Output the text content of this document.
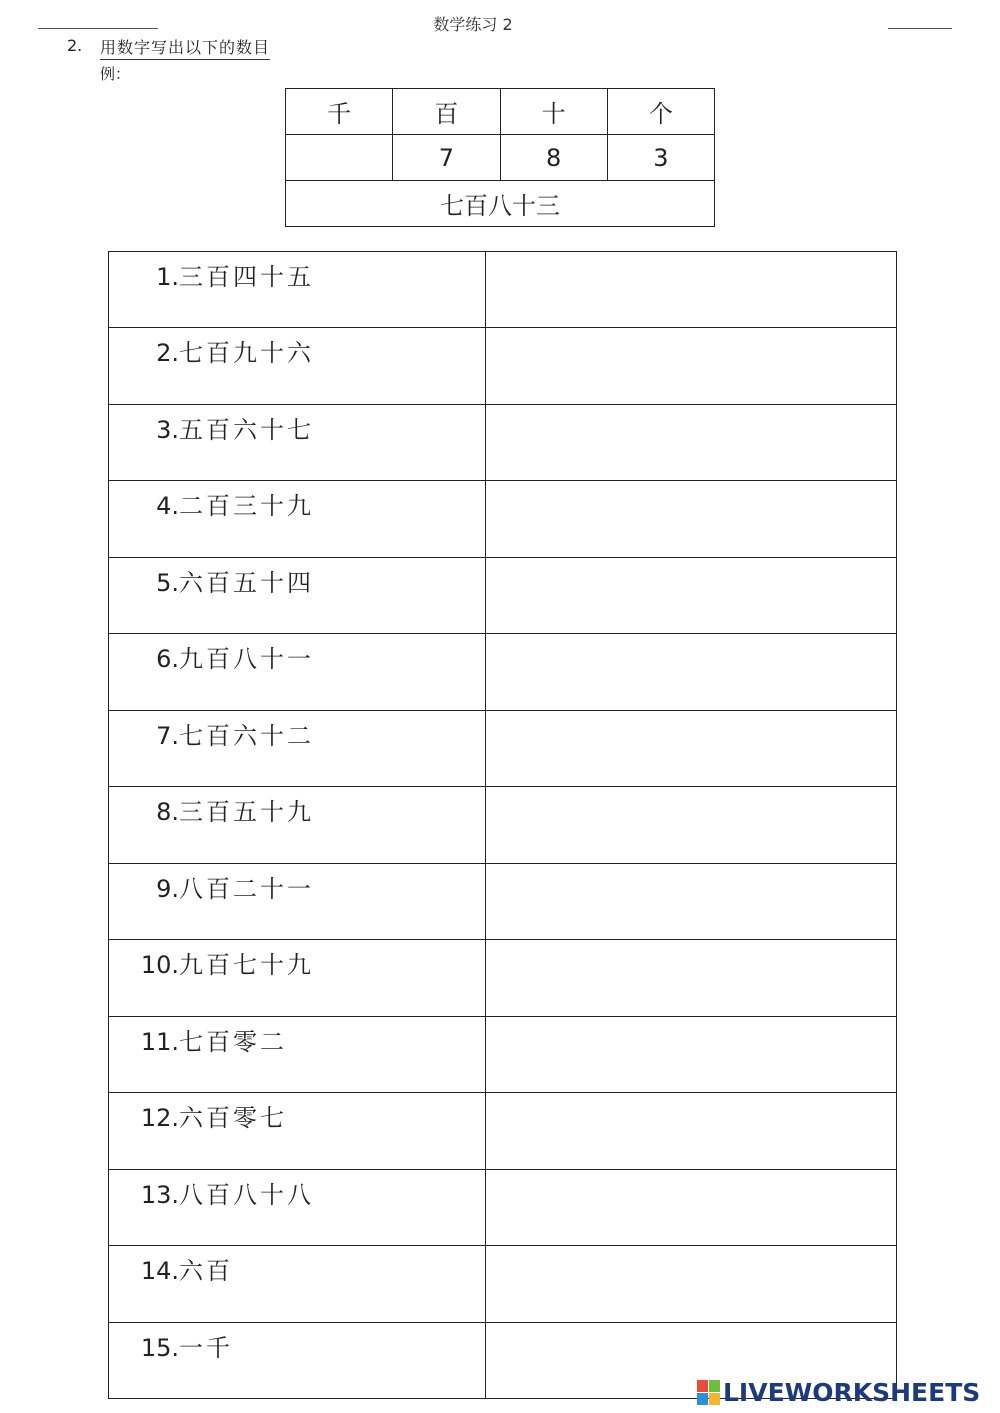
数学练习 2
2. 用数字写出以下的数目
例：
千	百	十	个
	7	8	3
七百八十三			
1.三百四十五	
2.七百九十六	
3.五百六十七	
4.二百三十九	
5.六百五十四	
6.九百八十一	
7.七百六十二	
8.三百五十九	
9.八百二十一	
10.九百七十九	
11.七百零二	
12.六百零七	
13.八百八十八	
14.六百	
15.一千	
LIVEWORKSHEETS
